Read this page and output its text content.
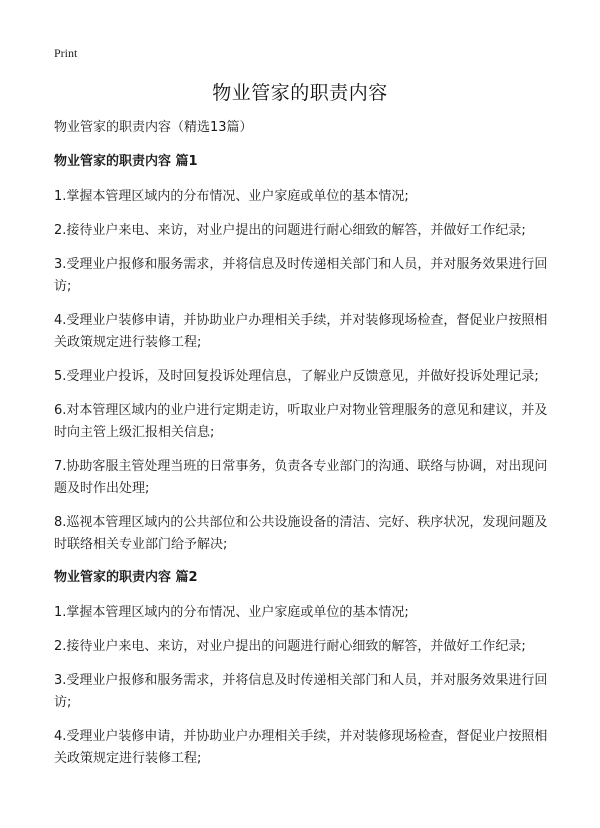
Print
物业管家的职责内容

物业管家的职责内容（精选13篇）

物业管家的职责内容 篇1

1.掌握本管理区域内的分布情况、业户家庭或单位的基本情况;

2.接待业户来电、来访，对业户提出的问题进行耐心细致的解答，并做好工作纪录;

3.受理业户报修和服务需求，并将信息及时传递相关部门和人员，并对服务效果进行回访;

4.受理业户装修申请，并协助业户办理相关手续，并对装修现场检查，督促业户按照相关政策规定进行装修工程;

5.受理业户投诉，及时回复投诉处理信息，了解业户反馈意见，并做好投诉处理记录;

6.对本管理区域内的业户进行定期走访，听取业户对物业管理服务的意见和建议，并及时向主管上级汇报相关信息;

7.协助客服主管处理当班的日常事务，负责各专业部门的沟通、联络与协调，对出现问题及时作出处理;

8.巡视本管理区域内的公共部位和公共设施设备的清洁、完好、秩序状况，发现问题及时联络相关专业部门给予解决;

物业管家的职责内容 篇2

1.掌握本管理区域内的分布情况、业户家庭或单位的基本情况;

2.接待业户来电、来访，对业户提出的问题进行耐心细致的解答，并做好工作纪录;

3.受理业户报修和服务需求，并将信息及时传递相关部门和人员，并对服务效果进行回访;

4.受理业户装修申请，并协助业户办理相关手续，并对装修现场检查，督促业户按照相关政策规定进行装修工程;
